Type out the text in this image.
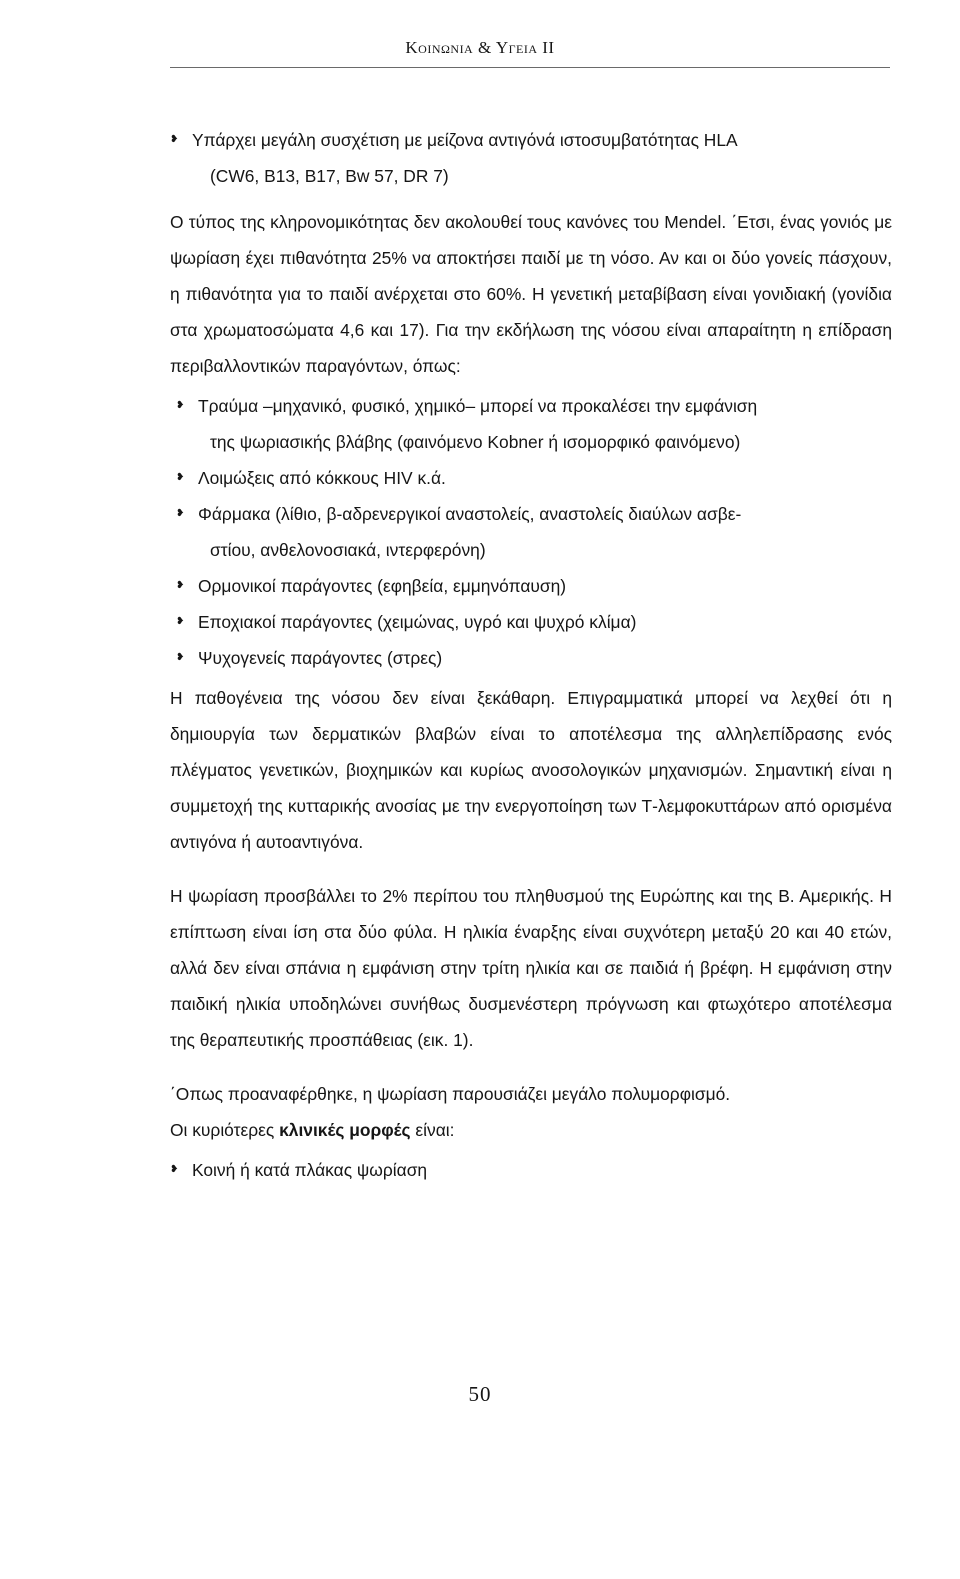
Κοινωνια & Υγεια II

❥ Υπάρχει μεγάλη συσχέτιση με μείζονα αντιγόνά ιστοσυμβατότητας HLA
(CW6, B13, B17, Bw 57, DR 7)

Ο τύπος της κληρονομικότητας δεν ακολουθεί τους κανόνες του Mendel. ΄Ετσι, ένας γονιός με ψωρίαση έχει πιθανότητα 25% να αποκτήσει παιδί με τη νόσο. Αν και οι δύο γονείς πάσχουν, η πιθανότητα για το παιδί ανέρχεται στο 60%. Η γενετική μεταβίβαση είναι γονιδιακή (γονίδια στα χρωματοσώματα 4,6 και 17). Για την εκδήλωση της νόσου είναι απαραίτητη η επίδραση περιβαλλοντικών παραγόντων, όπως:

❥ Τραύμα –μηχανικό, φυσικό, χημικό– μπορεί να προκαλέσει την εμφάνιση
της ψωριασικής βλάβης (φαινόμενο Kobner ή ισομορφικό φαινόμενο)

❥ Λοιμώξεις από κόκκους HIV κ.ά.

❥ Φάρμακα (λίθιο, β-αδρενεργικοί αναστολείς, αναστολείς διαύλων ασβε-
στίου, ανθελονοσιακά, ιντερφερόνη)

❥ Ορμονικοί παράγοντες (εφηβεία, εμμηνόπαυση)

❥ Εποχιακοί παράγοντες (χειμώνας, υγρό και ψυχρό κλίμα)

❥ Ψυχογενείς παράγοντες (στρες)

Η παθογένεια της νόσου δεν είναι ξεκάθαρη. Επιγραμματικά μπορεί να λεχθεί ότι η δημιουργία των δερματικών βλαβών είναι το αποτέλεσμα της αλληλεπίδρασης ενός πλέγματος γενετικών, βιοχημικών και κυρίως ανοσολογικών μηχανισμών. Σημαντική είναι η συμμετοχή της κυτταρικής ανοσίας με την ενεργοποίηση των Τ-λεμφοκυττάρων από ορισμένα αντιγόνα ή αυτοαντιγόνα.

Η ψωρίαση προσβάλλει το 2% περίπου του πληθυσμού της Ευρώπης και της Β. Αμερικής. Η επίπτωση είναι ίση στα δύο φύλα. Η ηλικία έναρξης είναι συχνότερη μεταξύ 20 και 40 ετών, αλλά δεν είναι σπάνια η εμφάνιση στην τρίτη ηλικία και σε παιδιά ή βρέφη. Η εμφάνιση στην παιδική ηλικία υποδηλώνει συνήθως δυσμενέστερη πρόγνωση και φτωχότερο αποτέλεσμα της θεραπευτικής προσπάθειας (εικ. 1).

΄Οπως προαναφέρθηκε, η ψωρίαση παρουσιάζει μεγάλο πολυμορφισμό.
Οι κυριότερες κλινικές μορφές είναι:

❥ Κοινή ή κατά πλάκας ψωρίαση

50
